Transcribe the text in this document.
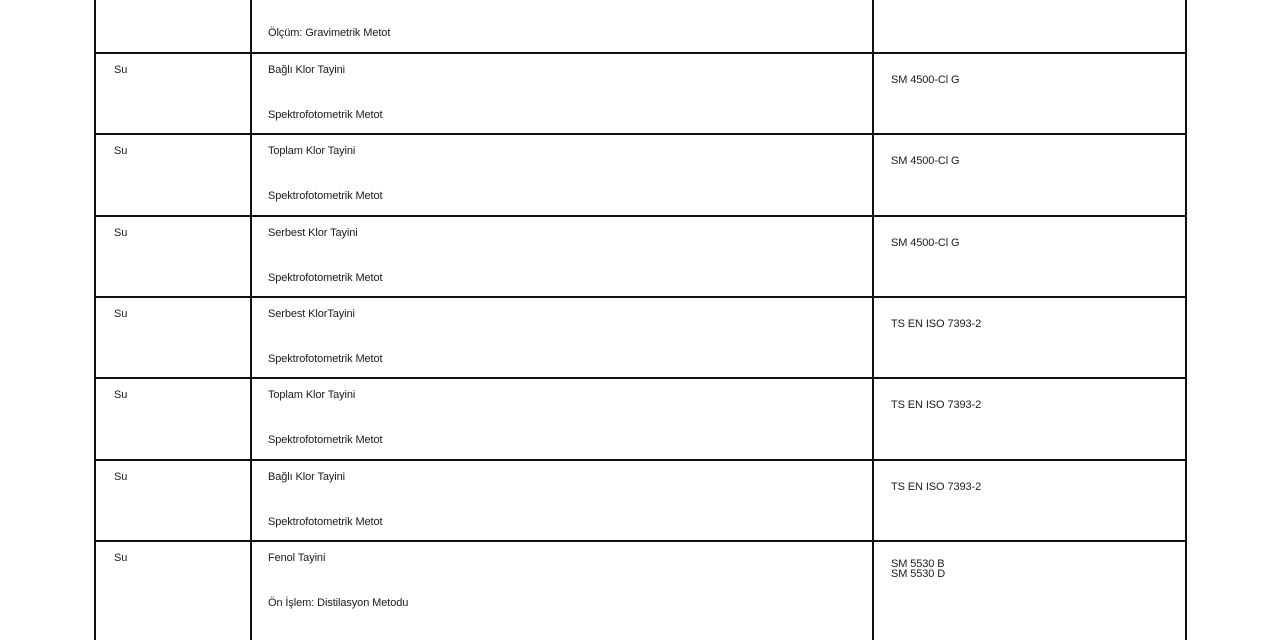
Ölçüm: Gravimetrik Metot
Su	Bağlı Klor Tayini
Spektrofotometrik Metot
SM 4500-Cl G
Su	Toplam Klor Tayini
Spektrofotometrik Metot
SM 4500-Cl G
Su	Serbest Klor Tayini
Spektrofotometrik Metot
SM 4500-Cl G
Su	Serbest KlorTayini
Spektrofotometrik Metot
TS EN ISO 7393-2
Su	Toplam Klor Tayini
Spektrofotometrik Metot
TS EN ISO 7393-2
Su	Bağlı Klor Tayini
Spektrofotometrik Metot
TS EN ISO 7393-2
Su	Fenol Tayini
Ön İşlem: Distilasyon Metodu
SM 5530 B
SM 5530 D
